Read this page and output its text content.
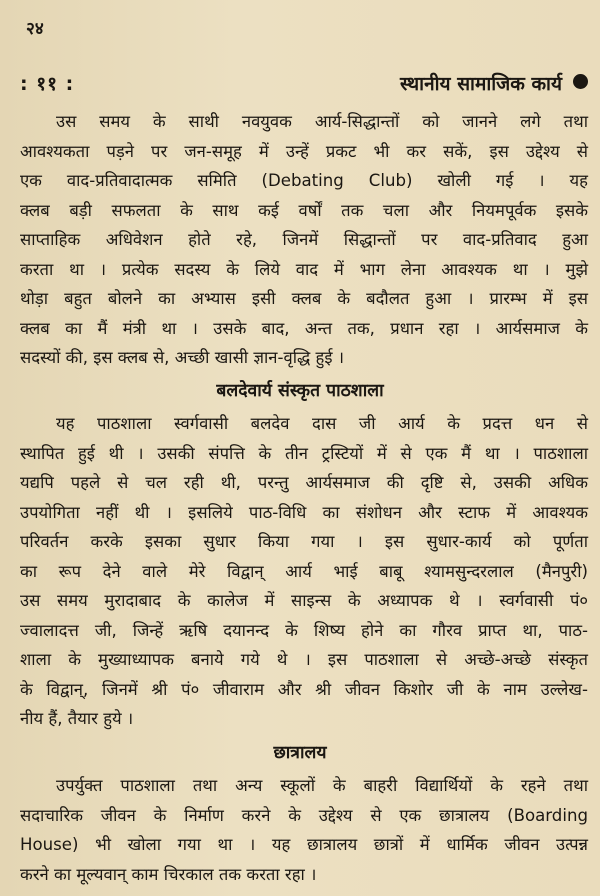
२४
: ११ :	स्थानीय सामाजिक कार्य
उस समय के साथी नवयुवक आर्य-सिद्धान्तों को जानने लगे तथा
आवश्यकता पड़ने पर जन-समूह में उन्हें प्रकट भी कर सकें, इस उद्देश्य से
एक वाद-प्रतिवादात्मक समिति (Debating Club) खोली गई । यह
क्लब बड़ी सफलता के साथ कई वर्षों तक चला और नियमपूर्वक इसके
साप्ताहिक अधिवेशन होते रहे, जिनमें सिद्धान्तों पर वाद-प्रतिवाद हुआ
करता था । प्रत्येक सदस्य के लिये वाद में भाग लेना आवश्यक था । मुझे
थोड़ा बहुत बोलने का अभ्यास इसी क्लब के बदौलत हुआ । प्रारम्भ में इस
क्लब का मैं मंत्री था । उसके बाद, अन्त तक, प्रधान रहा । आर्यसमाज के
सदस्यों की, इस क्लब से, अच्छी खासी ज्ञान-वृद्धि हुई ।
बलदेवार्य संस्कृत पाठशाला
यह पाठशाला स्वर्गवासी बलदेव दास जी आर्य के प्रदत्त धन से
स्थापित हुई थी । उसकी संपत्ति के तीन ट्रस्टियों में से एक मैं था । पाठशाला
यद्यपि पहले से चल रही थी, परन्तु आर्यसमाज की दृष्टि से, उसकी अधिक
उपयोगिता नहीं थी । इसलिये पाठ-विधि का संशोधन और स्टाफ में आवश्यक
परिवर्तन करके इसका सुधार किया गया । इस सुधार-कार्य को पूर्णता
का रूप देने वाले मेरे विद्वान् आर्य भाई बाबू श्यामसुन्दरलाल (मैनपुरी)
उस समय मुरादाबाद के कालेज में साइन्स के अध्यापक थे । स्वर्गवासी पं०
ज्वालादत्त जी, जिन्हें ऋषि दयानन्द के शिष्य होने का गौरव प्राप्त था, पाठ-
शाला के मुख्याध्यापक बनाये गये थे । इस पाठशाला से अच्छे-अच्छे संस्कृत
के विद्वान्, जिनमें श्री पं० जीवाराम और श्री जीवन किशोर जी के नाम उल्लेख-
नीय हैं, तैयार हुये ।
छात्रालय
उपर्युक्त पाठशाला तथा अन्य स्कूलों के बाहरी विद्यार्थियों के रहने तथा
सदाचारिक जीवन के निर्माण करने के उद्देश्य से एक छात्रालय (Boarding
House) भी खोला गया था । यह छात्रालय छात्रों में धार्मिक जीवन उत्पन्न
करने का मूल्यवान् काम चिरकाल तक करता रहा ।
